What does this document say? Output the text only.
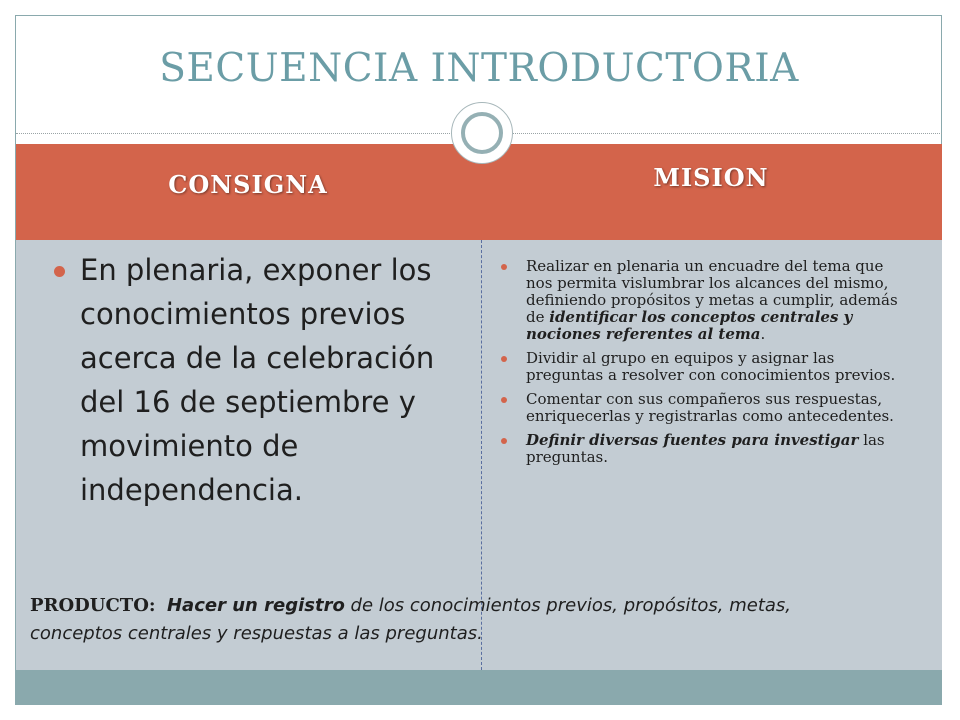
SECUENCIA INTRODUCTORIA
CONSIGNA	MISION
En plenaria, exponer los conocimientos previos acerca de la celebración del 16 de septiembre y movimiento de independencia.
Realizar en plenaria un encuadre del tema que nos permita vislumbrar los alcances del mismo, definiendo propósitos y metas a cumplir, además de identificar los conceptos centrales y nociones referentes al tema.
Dividir al grupo en equipos y asignar las preguntas a resolver con conocimientos previos.
Comentar con sus compañeros sus respuestas, enriquecerlas y registrarlas como antecedentes.
Definir diversas fuentes para investigar las preguntas.
PRODUCTO: Hacer un registro de los conocimientos previos, propósitos, metas,
conceptos centrales y respuestas a las preguntas.
